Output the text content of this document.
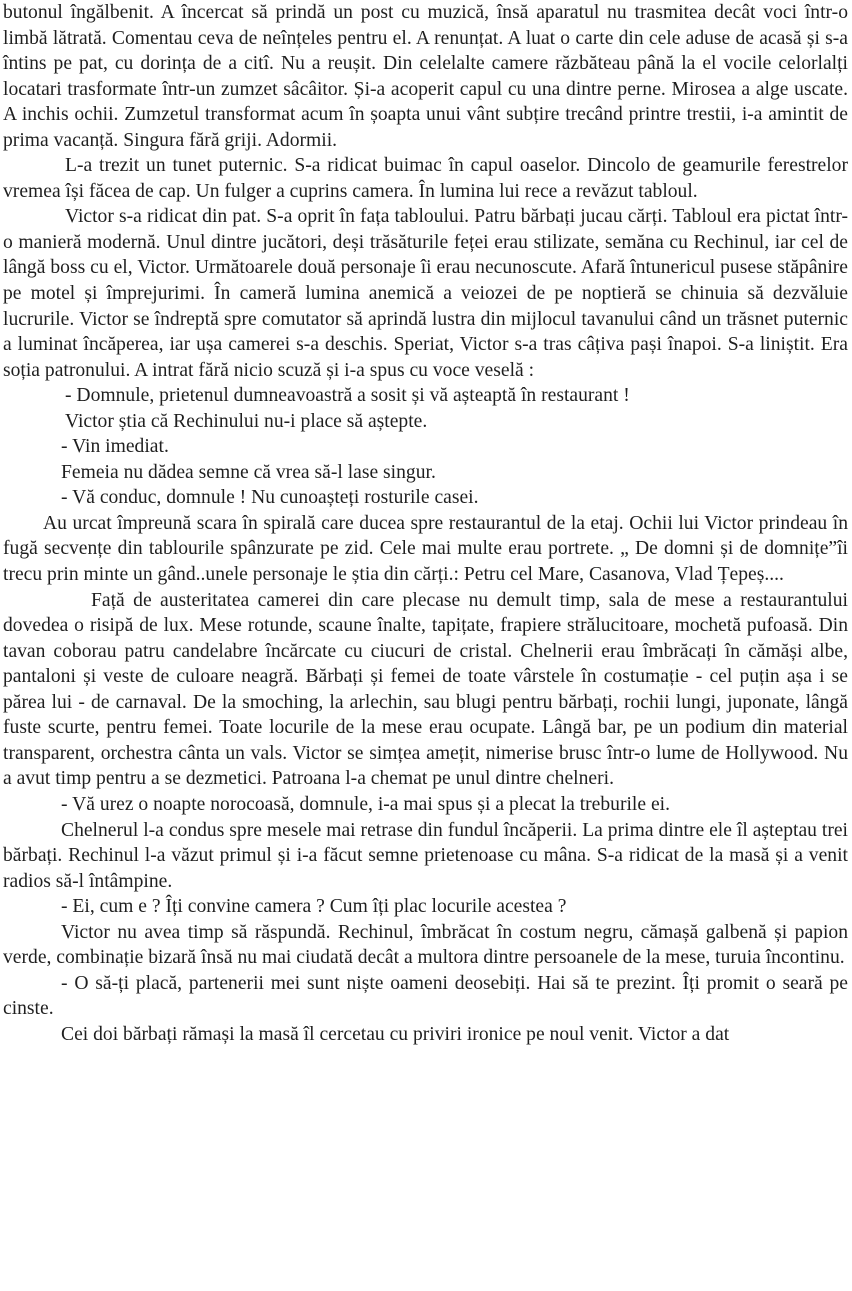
butonul îngălbenit. A încercat să prindă un post cu muzică, însă aparatul nu trasmitea decât voci într-o limbă lătrată. Comentau ceva de neînțeles pentru el. A renunțat. A luat o carte din cele aduse de acasă și s-a întins pe pat, cu dorința de a citî. Nu a reușit. Din celelalte camere răzbăteau până la el vocile celorlalți locatari trasformate într-un zumzet sâcâitor. Și-a acoperit capul cu una dintre perne. Mirosea a alge uscate. A inchis ochii. Zumzetul transformat acum în șoapta unui vânt subțire trecând printre trestii, i-a amintit de prima vacanță. Singura fără griji. Adormii.

L-a trezit un tunet puternic. S-a ridicat buimac în capul oaselor. Dincolo de geamurile ferestrelor vremea își făcea de cap. Un fulger a cuprins camera. În lumina lui rece a revăzut tabloul.

Victor s-a ridicat din pat. S-a oprit în fața tabloului. Patru bărbați jucau cărți. Tabloul era pictat într-o manieră modernă. Unul dintre jucători, deși trăsăturile feței erau stilizate, semăna cu Rechinul, iar cel de lângă boss cu el, Victor. Următoarele două personaje îi erau necunoscute. Afară întunericul pusese stăpânire pe motel și împrejurimi. În cameră lumina anemică a veiozei de pe noptieră se chinuia să dezvăluie lucrurile. Victor se îndreptă spre comutator să aprindă lustra din mijlocul tavanului când un trăsnet puternic a luminat încăperea, iar ușa camerei s-a deschis. Speriat, Victor s-a tras câțiva pași înapoi. S-a liniștit. Era soția patronului. A intrat fără nicio scuză și i-a spus cu voce veselă :

- Domnule, prietenul dumneavoastră a sosit și vă așteaptă în restaurant !

Victor știa că Rechinului nu-i place să aștepte.

- Vin imediat.

Femeia nu dădea semne că vrea să-l lase singur.

- Vă conduc, domnule ! Nu cunoașteți rosturile casei.

Au urcat împreună scara în spirală care ducea spre restaurantul de la etaj. Ochii lui Victor prindeau în fugă secvențe din tablourile spânzurate pe zid. Cele mai multe erau portrete. „ De domni și de domnițe”îi trecu prin minte un gând..unele personaje le știa din cărți.: Petru cel Mare, Casanova, Vlad Țepeș....

Față de austeritatea camerei din care plecase nu demult timp, sala de mese a restaurantului dovedea o risipă de lux. Mese rotunde, scaune înalte, tapițate, frapiere strălucitoare, mochetă pufoasă. Din tavan coborau patru candelabre încărcate cu ciucuri de cristal. Chelnerii erau îmbrăcați în cămăși albe, pantaloni și veste de culoare neagră. Bărbați și femei de toate vârstele în costumație - cel puțin așa i se părea lui - de carnaval. De la smoching, la arlechin, sau blugi pentru bărbați, rochii lungi, juponate, lângă fuste scurte, pentru femei. Toate locurile de la mese erau ocupate. Lângă bar, pe un podium din material transparent, orchestra cânta un vals. Victor se simțea amețit, nimerise brusc într-o lume de Hollywood. Nu a avut timp pentru a se dezmetici. Patroana l-a chemat pe unul dintre chelneri.

- Vă urez o noapte norocoasă, domnule, i-a mai spus și a plecat la treburile ei.

Chelnerul l-a condus spre mesele mai retrase din fundul încăperii. La prima dintre ele îl așteptau trei bărbați. Rechinul l-a văzut primul și i-a făcut semne prietenoase cu mâna. S-a ridicat de la masă și a venit radios să-l întâmpine.

- Ei, cum e ? Îți convine camera ? Cum îți plac locurile acestea ?

Victor nu avea timp să răspundă. Rechinul, îmbrăcat în costum negru, cămașă galbenă și papion verde, combinație bizară însă nu mai ciudată decât a multora dintre persoanele de la mese, turuia încontinu.

- O să-ți placă, partenerii mei sunt niște oameni deosebiți. Hai să te prezint. Îți promit o seară pe cinste.

Cei doi bărbați rămași la masă îl cercetau cu priviri ironice pe noul venit. Victor a dat
